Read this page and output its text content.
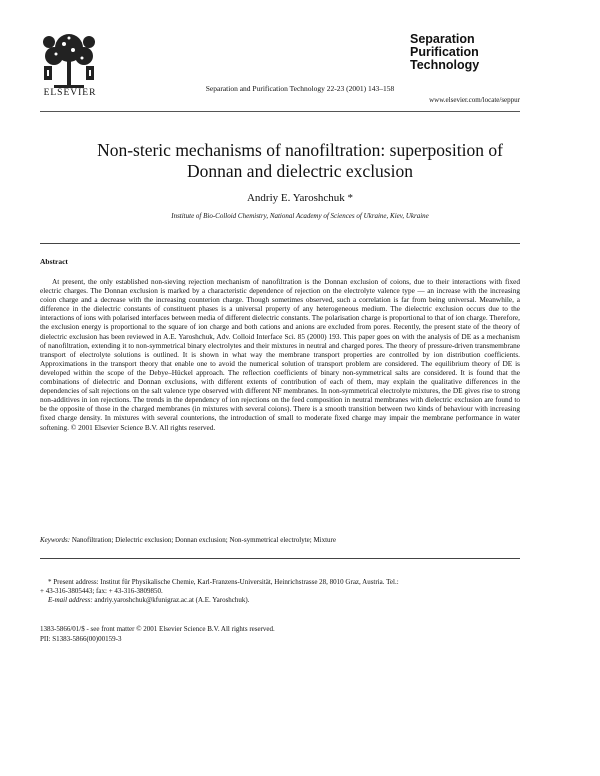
ELSEVIER	Separation and Purification Technology 22-23 (2001) 143–158
Separation
Purification
Technology
www.elsevier.com/locate/seppur
Non-steric mechanisms of nanofiltration: superposition of
Donnan and dielectric exclusion
Andriy E. Yaroshchuk *
Institute of Bio-Colloid Chemistry, National Academy of Sciences of Ukraine, Kiev, Ukraine
Abstract
At present, the only established non-sieving rejection mechanism of nanofiltration is the Donnan exclusion of coions, due to their interactions with fixed electric charges. The Donnan exclusion is marked by a characteristic dependence of rejection on the electrolyte valence type — an increase with the increasing coion charge and a decrease with the increasing counterion charge. Though sometimes observed, such a correlation is far from being universal. Meanwhile, a difference in the dielectric constants of constituent phases is a universal property of any heterogeneous medium. The dielectric exclusion occurs due to the interactions of ions with polarised interfaces between media of different dielectric constants. The polarisation charge is proportional to that of ion charge. Therefore, the exclusion energy is proportional to the square of ion charge and both cations and anions are excluded from pores. Recently, the present state of the theory of dielectric exclusion has been reviewed in A.E. Yaroshchuk, Adv. Colloid Interface Sci. 85 (2000) 193. This paper goes on with the analysis of DE as a mechanism of nanofiltration, extending it to non-symmetrical binary electrolytes and their mixtures in neutral and charged pores. The theory of pressure-driven transmembrane transport of electrolyte solutions is outlined. It is shown in what way the membrane transport properties are controlled by ion distribution coefficients. Approximations in the transport theory that enable one to avoid the numerical solution of transport problem are considered. The equilibrium theory of DE is developed within the scope of the Debye–Hückel approach. The reflection coefficients of binary non-symmetrical salts are considered. It is found that the combinations of dielectric and Donnan exclusions, with different extents of contribution of each of them, may explain the qualitative differences in the dependencies of salt rejections on the salt valence type observed with different NF membranes. In non-symmetrical electrolyte mixtures, the DE gives rise to strong non-additives in ion rejections. The trends in the dependency of ion rejections on the feed composition in neutral membranes with dielectric exclusion are found to be the opposite of those in the charged membranes (in mixtures with several coions). There is a smooth transition between two kinds of behaviour with increasing fixed charge density. In mixtures with several counterions, the introduction of small to moderate fixed charge may impair the membrane performance in water softening. © 2001 Elsevier Science B.V. All rights reserved.
Keywords: Nanofiltration; Dielectric exclusion; Donnan exclusion; Non-symmetrical electrolyte; Mixture

* Present address: Institut für Physikalische Chemie, Karl-Franzens-Universität, Heinrichstrasse 28, 8010 Graz, Austria. Tel.:

+ 43-316-3805443; fax: + 43-316-3809850.

E-mail address: andriy.yaroshchuk@kfunigraz.ac.at (A.E. Yaroshchuk).

1383-5866/01/$ - see front matter © 2001 Elsevier Science B.V. All rights reserved.
PII: S1383-5866(00)00159-3
